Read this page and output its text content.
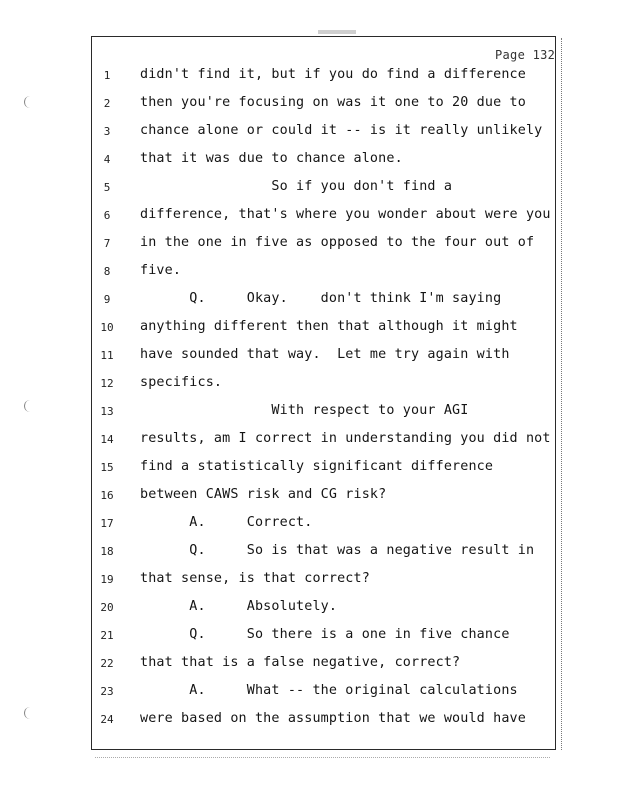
Page 132
1	didn't find it, but if you do find a difference
2	then you're focusing on was it one to 20 due to
3	chance alone or could it -- is it really unlikely
4	that it was due to chance alone.
5	So if you don't find a
6	difference, that's where you wonder about were you
7	in the one in five as opposed to the four out of
8	five.
9	Q.     Okay.    don't think I'm saying
10	anything different then that although it might
11	have sounded that way.  Let me try again with
12	specifics.
13	With respect to your AGI
14	results, am I correct in understanding you did not
15	find a statistically significant difference
16	between CAWS risk and CG risk?
17	A.     Correct.
18	Q.     So is that was a negative result in
19	that sense, is that correct?
20	A.     Absolutely.
21	Q.     So there is a one in five chance
22	that that is a false negative, correct?
23	A.     What -- the original calculations
24	were based on the assumption that we would have
